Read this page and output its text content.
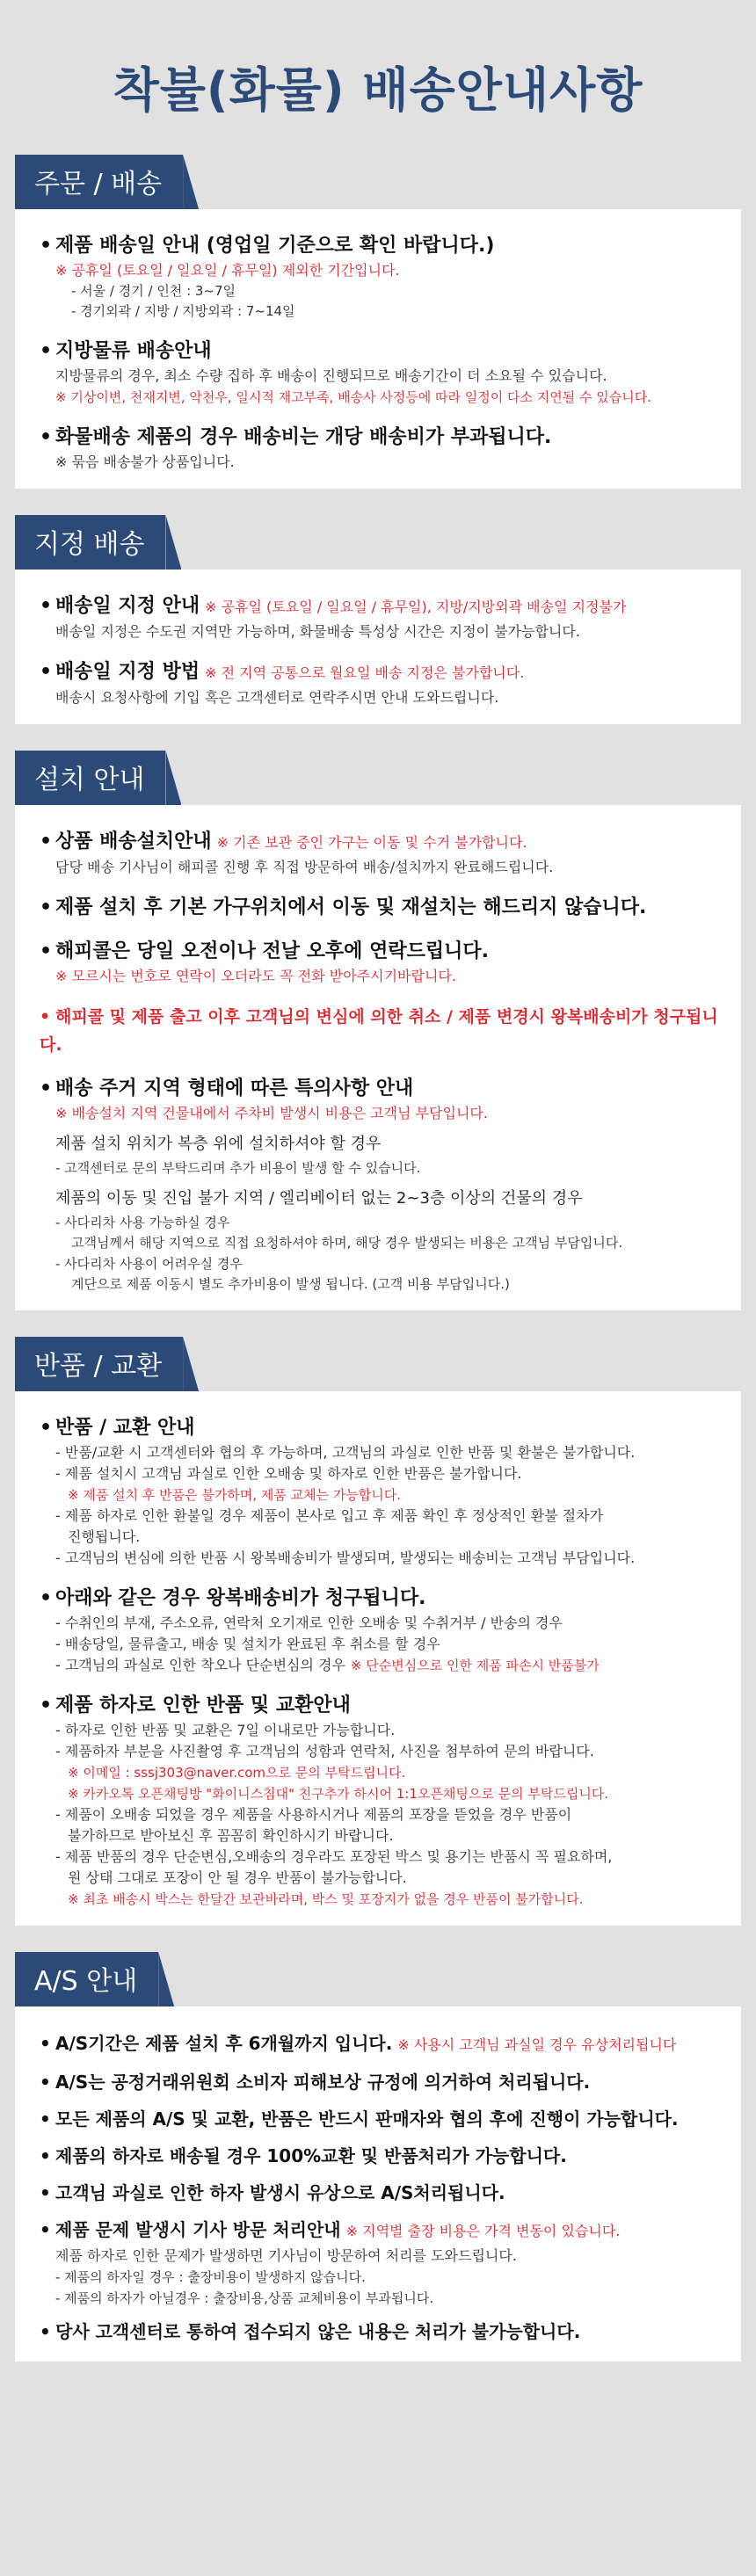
착불(화물) 배송안내사항
주문 / 배송
•제품 배송일 안내 (영업일 기준으로 확인 바랍니다.)
※ 공휴일 (토요일 / 일요일 / 휴무일) 제외한 기간입니다.
- 서울 / 경기 / 인천 : 3~7일
- 경기외곽 / 지방 / 지방외곽 : 7~14일
•지방물류 배송안내
지방물류의 경우, 최소 수량 집하 후 배송이 진행되므로 배송기간이 더 소요될 수 있습니다.
※ 기상이변, 천재지변, 악천우, 일시적 재고부족, 배송사 사정등에 따라 일정이 다소 지연될 수 있습니다.
•화물배송 제품의 경우 배송비는 개당 배송비가 부과됩니다.
※ 묶음 배송불가 상품입니다.
지정 배송
•배송일 지정 안내 ※ 공휴일 (토요일 / 일요일 / 휴무일), 지방/지방외곽 배송일 지정불가
배송일 지정은 수도권 지역만 가능하며, 화물배송 특성상 시간은 지정이 불가능합니다.
•배송일 지정 방법 ※ 전 지역 공통으로 월요일 배송 지정은 불가합니다.
배송시 요청사항에 기입 혹은 고객센터로 연락주시면 안내 도와드립니다.
설치 안내
•상품 배송설치안내 ※ 기존 보관 중인 가구는 이동 및 수거 불가합니다.
담당 배송 기사님이 해피콜 진행 후 직접 방문하여 배송/설치까지 완료해드립니다.
•제품 설치 후 기본 가구위치에서 이동 및 재설치는 해드리지 않습니다.
•해피콜은 당일 오전이나 전날 오후에 연락드립니다.
※ 모르시는 번호로 연락이 오더라도 꼭 전화 받아주시기바랍니다.
•해피콜 및 제품 출고 이후 고객님의 변심에 의한 취소 / 제품 변경시 왕복배송비가 청구됩니다.
•배송 주거 지역 형태에 따른 특의사항 안내
※ 배송설치 지역 건물내에서 주차비 발생시 비용은 고객님 부담입니다.
제품 설치 위치가 복층 위에 설치하셔야 할 경우
- 고객센터로 문의 부탁드리며 추가 비용이 발생 할 수 있습니다.
제품의 이동 및 진입 불가 지역 / 엘리베이터 없는 2~3층 이상의 건물의 경우
- 사다리차 사용 가능하실 경우
고객님께서 해당 지역으로 직접 요청하셔야 하며, 해당 경우 발생되는 비용은 고객님 부담입니다.
- 사다리차 사용이 어려우실 경우
계단으로 제품 이동시 별도 추가비용이 발생 됩니다. (고객 비용 부담입니다.)
반품 / 교환
•반품 / 교환 안내
- 반품/교환 시 고객센터와 협의 후 가능하며, 고객님의 과실로 인한 반품 및 환불은 불가합니다.
- 제품 설치시 고객님 과실로 인한 오배송 및 하자로 인한 반품은 불가합니다.
※ 제품 설치 후 반품은 불가하며, 제품 교체는 가능합니다.
- 제품 하자로 인한 환불일 경우 제품이 본사로 입고 후 제품 확인 후 정상적인 환불 절차가
진행됩니다.
- 고객님의 변심에 의한 반품 시 왕복배송비가 발생되며, 발생되는 배송비는 고객님 부담입니다.
•아래와 같은 경우 왕복배송비가 청구됩니다.
- 수취인의 부재, 주소오류, 연락처 오기재로 인한 오배송 및 수취거부 / 반송의 경우
- 배송당일, 물류출고, 배송 및 설치가 완료된 후 취소를 할 경우
- 고객님의 과실로 인한 착오나 단순변심의 경우 ※ 단순변심으로 인한 제품 파손시 반품불가
•제품 하자로 인한 반품 및 교환안내
- 하자로 인한 반품 및 교환은 7일 이내로만 가능합니다.
- 제품하자 부분을 사진촬영 후 고객님의 성함과 연락처, 사진을 첨부하여 문의 바랍니다.
※ 이메일 : sssj303@naver.com으로 문의 부탁드립니다.
※ 카카오톡 오픈채팅방 "화이니스침대" 친구추가 하시어 1:1오픈채팅으로 문의 부탁드립니다.
- 제품이 오배송 되었을 경우 제품을 사용하시거나 제품의 포장을 뜯었을 경우 반품이
불가하므로 받아보신 후 꼼꼼히 확인하시기 바랍니다.
- 제품 반품의 경우 단순변심,오배송의 경우라도 포장된 박스 및 용기는 반품시 꼭 필요하며,
원 상태 그대로 포장이 안 될 경우 반품이 불가능합니다.
※ 최초 배송시 박스는 한달간 보관바라며, 박스 및 포장지가 없을 경우 반품이 불가합니다.
A/S 안내
•A/S기간은 제품 설치 후 6개월까지 입니다. ※ 사용시 고객님 과실일 경우 유상처리됩니다
•A/S는 공정거래위원회 소비자 피해보상 규정에 의거하여 처리됩니다.
•모든 제품의 A/S 및 교환, 반품은 반드시 판매자와 협의 후에 진행이 가능합니다.
•제품의 하자로 배송될 경우 100%교환 및 반품처리가 가능합니다.
•고객님 과실로 인한 하자 발생시 유상으로 A/S처리됩니다.
•제품 문제 발생시 기사 방문 처리안내 ※ 지역별 출장 비용은 가격 변동이 있습니다.
제품 하자로 인한 문제가 발생하면 기사님이 방문하여 처리를 도와드립니다.
- 제품의 하자일 경우 : 출장비용이 발생하지 않습니다.
- 제품의 하자가 아닐경우 : 출장비용,상품 교체비용이 부과됩니다.
•당사 고객센터로 통하여 접수되지 않은 내용은 처리가 불가능합니다.
